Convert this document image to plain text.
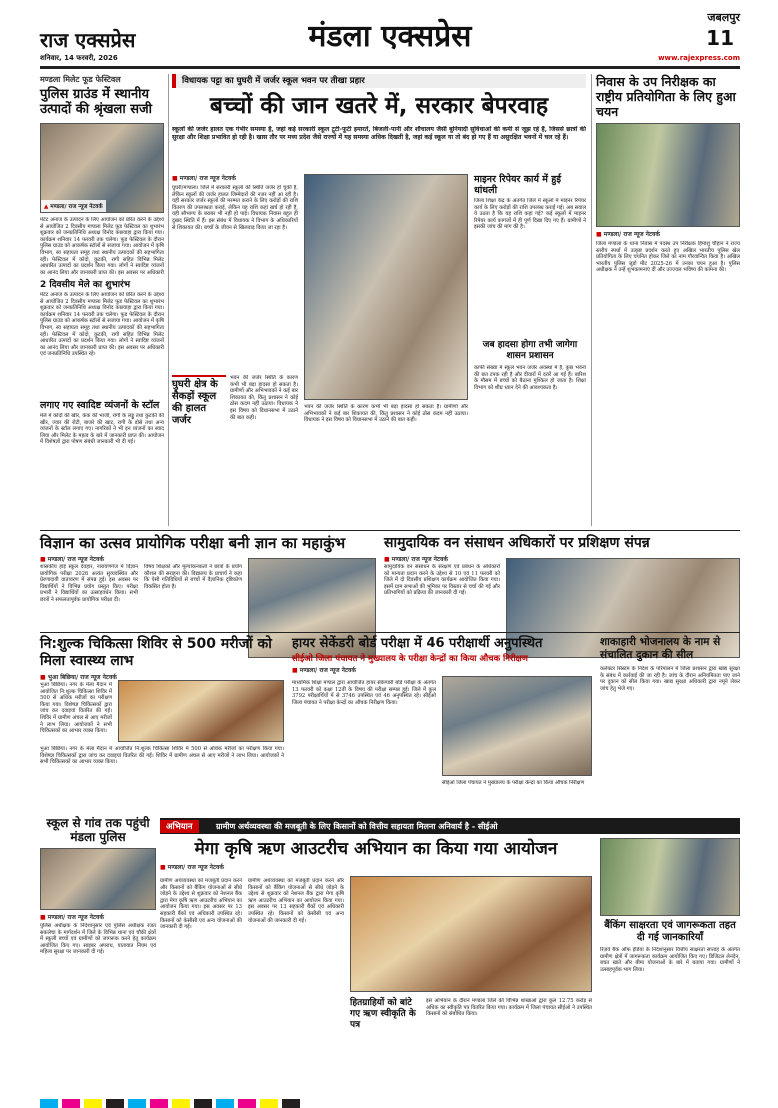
राज एक्सप्रेस
शनिवार, 14 फरवरी, 2026
मंडला एक्सप्रेस
जबलपुर
11
www.rajexpress.com
मण्डला मिलेट फूड फेस्टिवल
पुलिस ग्राउंड में स्थानीय उत्पादों की श्रृंखला सजी
▲ मण्डला/ राज न्यूज नेटवर्क
मेटेट अनाज के उत्पादन के लिए आयोजन को प्रेरित करने के उद्देश्य से आयोजित 2 दिवसीय मण्डला मिलेट फूड फेस्टिवल का शुभारंभ शुक्रवार को जनप्रतिनिधि अध्यक्ष विनोद कछवाहा द्वारा किया गया। कार्यक्रम शनिवार 14 फरवरी तक चलेगा। फूड फेस्टिवल के दौरान पुलिस ग्राउंड को आकर्षक स्टॉलों से सजाया गया। आयोजन में कृषि विभाग, स्व सहायता समूह तथा स्थानीय उत्पादकों की सहभागिता रही। फेस्टिवल में कोदो, कुटकी, रागी सहित विभिन्न मिलेट आधारित उत्पादों का प्रदर्शन किया गया। लोगों ने स्वादिष्ट व्यंजनों का आनंद लिया और जानकारी प्राप्त की। इस अवसर पर अधिकारी
2 दिवसीय मेले का शुभारंभ
मेटेट अनाज के उत्पादन के लिए आयोजन को प्रेरित करने के उद्देश्य से आयोजित 2 दिवसीय मण्डला मिलेट फूड फेस्टिवल का शुभारंभ शुक्रवार को जनप्रतिनिधि अध्यक्ष विनोद कछवाहा द्वारा किया गया। कार्यक्रम शनिवार 14 फरवरी तक चलेगा। फूड फेस्टिवल के दौरान पुलिस ग्राउंड को आकर्षक स्टॉलों से सजाया गया। आयोजन में कृषि विभाग, स्व सहायता समूह तथा स्थानीय उत्पादकों की सहभागिता रही। फेस्टिवल में कोदो, कुटकी, रागी सहित विभिन्न मिलेट आधारित उत्पादों का प्रदर्शन किया गया। लोगों ने स्वादिष्ट व्यंजनों का आनंद लिया और जानकारी प्राप्त की। इस अवसर पर अधिकारी एवं जनप्रतिनिधि उपस्थित रहे।
लगाए गए स्वादिष्ट व्यंजनों के स्टॉल
मेले में कोदो की खीर, केक की भाजी, रागी के लड्डू तथा कुटकी की खीर, ज्वार की रोटी, बाजरे की खाट, रागी के डोसे तथा अन्य व्यंजनों के स्टॉल लगाए गए। नागरिकों ने भी इन व्यंजनों का स्वाद लिया और मिलेट के महत्व के बारे में जानकारी प्राप्त की। आयोजन में विशेषज्ञों द्वारा पोषण संबंधी जानकारी भी दी गई।
विधायक पट्टा का घुघरी में जर्जर स्कूल भवन पर तीखा प्रहार
बच्चों की जान खतरे में, सरकार बेपरवाह
स्कूलों की जर्जर हालत एक गंभीर समस्या है, जहां कई सरकारी स्कूल टूटी-फूटी इमारतें, बिजली-पानी और शौचालय जैसी बुनियादी सुविधाओं की कमी से जूझ रहे हैं, जिससे छात्रों की सुरक्षा और शिक्षा प्रभावित हो रही है। खास तौर पर मध्य प्रदेश जैसे राज्यों में यह समस्या अधिक दिखती है, जहां कई स्कूल या तो बंद हो गए हैं या असुरक्षित भवनों में चल रहे हैं।
■ मण्डला/ राज न्यूज नेटवर्क
घुघरी/मण्डला। जिले में सरकारी स्कूलों की स्थिति जर्जर हो चुकी है, लेकिन स्कूलों की जर्जर हालत जिम्मेदारों की नजर नहीं आ रही है। यही सरकार जर्जर स्कूलों की मरम्मत कराने के लिए करोड़ों की राशि वितरण की उपलब्धता कराई, लेकिन यह राशि कहां खर्च हो रही है, यही सौभाग्य के बराबर भी नहीं हो पाई। विधायक निवास बहुत ही दुखद स्थिति में हैं। इस संबंध में विधायक ने विभाग के अधिकारियों से शिकायत की। बच्चों के जीवन से खिलवाड़ किया जा रहा है।
घुघरी क्षेत्र के सैकड़ों स्कूल की हालत जर्जर
भवन की जर्जर स्थिति के कारण कभी भी बड़ा हादसा हो सकता है। ग्रामीणों और अभिभावकों ने कई बार शिकायत की, किंतु प्रशासन ने कोई ठोस कदम नहीं उठाया। विधायक ने इस विषय को विधानसभा में उठाने की बात कही।
भवन की जर्जर स्थिति के कारण कभी भी बड़ा हादसा हो सकता है। ग्रामीणों और अभिभावकों ने कई बार शिकायत की, किंतु प्रशासन ने कोई ठोस कदम नहीं उठाया। विधायक ने इस विषय को विधानसभा में उठाने की बात कही।
माइनर रिपेयर कार्य में हुई धांधली
जिला शिक्षा केंद्र के अंतर्गत जिले में स्कूलों में माइनर रिपेयर कार्य के लिए करोड़ों की राशि उपलब्ध कराई गई। अब सवाल ये उठता है कि यह राशि कहां गई? कई स्कूलों में माइनर रिपेयर कार्य कागजों में ही पूर्ण दिखा दिए गए हैं। ग्रामीणों ने इसकी जांच की मांग की है।
जब हादसा होगा तभी जागेगा शासन प्रशासन
काफी संख्या में स्कूल भवन जर्जर अवस्था में हैं, कुछ भवनों की छत टपक रही है और दीवारों में दरारें आ गई हैं। बारिश के मौसम में बच्चों को बैठाना मुश्किल हो जाता है। शिक्षा विभाग को शीघ्र ध्यान देने की आवश्यकता है।
निवास के उप निरीक्षक का राष्ट्रीय प्रतियोगिता के लिए हुआ चयन
■ मण्डला/ राज न्यूज नेटवर्क
जिला मण्डला के थाना निवास में पदस्थ उप निरीक्षक हिमांशु चौहान ने राज्य स्तरीय स्पर्धा में उत्कृष्ट प्रदर्शन करते हुए अखिल भारतीय पुलिस खेल प्रतियोगिता के लिए चयनित होकर जिले का नाम गौरवान्वित किया है। अखिल भारतीय पुलिस जूडो मीट 2025-26 में उनका चयन हुआ है। पुलिस अधीक्षक ने उन्हें शुभकामनाएं दीं और उज्ज्वल भविष्य की कामना की।
विज्ञान का उत्सव प्रायोगिक परीक्षा बनी ज्ञान का महाकुंभ
■ मण्डला/ राज न्यूज नेटवर्क
शासकीय हाई स्कूल देवहार, नारायणगंज में विज्ञान प्रायोगिक परीक्षा 2026 अत्यंत सुव्यवस्थित और प्रेरणादायी वातावरण में संपन्न हुई। इस अवसर पर विद्यार्थियों ने विभिन्न प्रयोग प्रस्तुत किए। परीक्षा प्रभारी ने विद्यार्थियों का उत्साहवर्धन किया। सभी छात्रों ने सफलतापूर्वक प्रायोगिक परीक्षा दी।
विषय शिक्षकों और मूल्यांकनकर्ता ने छात्रों के प्रयोग कौशल की सराहना की। विद्यालय के प्राचार्य ने कहा कि ऐसी गतिविधियों से बच्चों में वैज्ञानिक दृष्टिकोण विकसित होता है।
सामुदायिक वन संसाधन अधिकारों पर प्रशिक्षण संपन्न
■ मण्डला/ राज न्यूज नेटवर्क
सामुदायिक वन संसाधन के संरक्षण एवं प्रबंधन के अधिकारों को मान्यता प्रदान करने के उद्देश्य से 10 एवं 11 फरवरी को जिले में दो दिवसीय प्रशिक्षण कार्यक्रम आयोजित किया गया। इसमें ग्राम सभाओं की भूमिका पर विस्तार से चर्चा की गई और प्रतिभागियों को प्रक्रिया की जानकारी दी गई।
नि:शुल्क चिकित्सा शिविर से 500 मरीजों को मिला स्वास्थ्य लाभ
■ भुआ बिछिया/ राज न्यूज नेटवर्क
भुआ बिछिया। नगर के मेला मैदान में आयोजित नि:शुल्क चिकित्सा शिविर में 500 से अधिक मरीजों का परीक्षण किया गया। विशेषज्ञ चिकित्सकों द्वारा जांच कर दवाइयां वितरित की गईं। शिविर में ग्रामीण अंचल से आए मरीजों ने लाभ लिया। आयोजकों ने सभी चिकित्सकों का आभार व्यक्त किया।
भुआ बिछिया। नगर के मेला मैदान में आयोजित नि:शुल्क चिकित्सा शिविर में 500 से अधिक मरीजों का परीक्षण किया गया। विशेषज्ञ चिकित्सकों द्वारा जांच कर दवाइयां वितरित की गईं। शिविर में ग्रामीण अंचल से आए मरीजों ने लाभ लिया। आयोजकों ने सभी चिकित्सकों का आभार व्यक्त किया।
हायर सेकेंडरी बोर्ड परीक्षा में 46 परीक्षार्थी अनुपस्थित
सीईओ जिला पंचायत ने मुख्यालय के परीक्षा केन्द्रों का किया औचक निरीक्षण
■ मण्डला/ राज न्यूज नेटवर्क
माध्यमिक शिक्षा मण्डल द्वारा आयोजित हायर सेकेण्डरी बोर्ड परीक्षा के अंतर्गत 13 फरवरी को कक्षा 12वीं के विषय की परीक्षा सम्पन्न हुई। जिले में कुल 3792 परीक्षार्थियों में से 3746 उपस्थित एवं 46 अनुपस्थित रहे। सीईओ जिला पंचायत ने परीक्षा केन्द्रों का औचक निरीक्षण किया।
सीईओ जिला पंचायत ने मुख्यालय के परीक्षा केन्द्रों का किया औचक निरीक्षण
शाकाहारी भोजनालय के नाम से संचालित दुकान की सील
कलेक्टर सिस्टम के निर्देश के परिपालन में जिला प्रशासन द्वारा खाद्य सुरक्षा के संबंध में कार्रवाई की जा रही है। जांच के दौरान अनियमितता पाए जाने पर दुकान को सील किया गया। खाद्य सुरक्षा अधिकारी द्वारा नमूने लेकर जांच हेतु भेजे गए।
अभियान	ग्रामीण अर्थव्यवस्था की मजबूती के लिए किसानों को वित्तीय सहायता मिलना अनिवार्य है - सीईओ
स्कूल से गांव तक पहुंची मंडला पुलिस
■ मण्डला/ राज न्यूज नेटवर्क
पुलिस अधीक्षक के निर्देशानुसार एवं पुलिस अधीक्षक रजत सकलेचा के मार्गदर्शन में जिले के विभिन्न थाना एवं चौकी क्षेत्रों में स्कूली बच्चों एवं ग्रामीणों को जागरूक करने हेतु कार्यक्रम आयोजित किए गए। साइबर अपराध, यातायात नियम एवं महिला सुरक्षा पर जानकारी दी गई।
मेगा कृषि ऋण आउटरीच अभियान का किया गया आयोजन
■ मण्डला/ राज न्यूज नेटवर्क
ग्रामीण अर्थव्यवस्था को मजबूती प्रदान करने और किसानों को बैंकिंग योजनाओं से सीधे जोड़ने के उद्देश्य से शुक्रवार को नेशनल बैंक द्वारा मेगा कृषि ऋण आउटरीच अभियान का आयोजन किया गया। इस अवसर पर 13 सहकारी बैंकों एवं अधिकारी उपस्थित रहे। किसानों को केसीसी एवं अन्य योजनाओं की जानकारी दी गई।
ग्रामीण अर्थव्यवस्था को मजबूती प्रदान करने और किसानों को बैंकिंग योजनाओं से सीधे जोड़ने के उद्देश्य से शुक्रवार को नेशनल बैंक द्वारा मेगा कृषि ऋण आउटरीच अभियान का आयोजन किया गया। इस अवसर पर 13 सहकारी बैंकों एवं अधिकारी उपस्थित रहे। किसानों को केसीसी एवं अन्य योजनाओं की जानकारी दी गई।
हितग्राहियों को बांटे गए ऋण स्वीकृति के पत्र
इस अभियान के दौरान मण्डला जिले की विभिन्न शाखाओं द्वारा कुल 12.75 करोड़ से अधिक का स्वीकृति पत्र वितरित किया गया। कार्यक्रम में जिला पंचायत सीईओ ने उपस्थित किसानों को संबोधित किया।
बैंकिंग साक्षरता एवं जागरूकता तहत दी गई जानकारियाँ
रिज़र्व बैंक ऑफ इंडिया के निर्देशानुसार वित्तीय साक्षरता सप्ताह के अंतर्गत ग्रामीण क्षेत्रों में जागरूकता कार्यक्रम आयोजित किए गए। डिजिटल लेनदेन, बचत खाते और बीमा योजनाओं के बारे में बताया गया। ग्रामीणों ने उत्साहपूर्वक भाग लिया।
